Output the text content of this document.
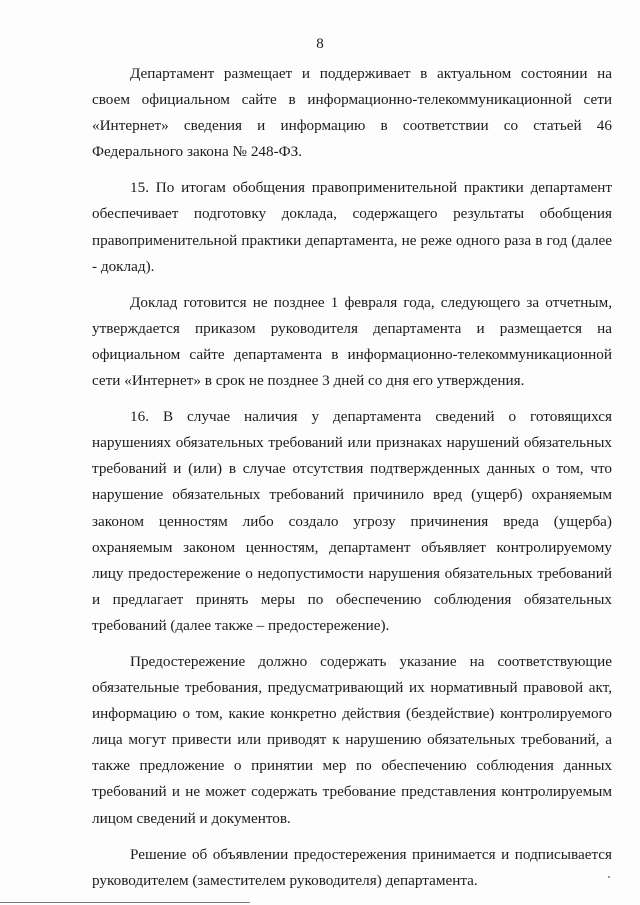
8

Департамент размещает и поддерживает в актуальном состоянии на своем официальном сайте в информационно-телекоммуникационной сети «Интернет» сведения и информацию в соответствии со статьей 46 Федерального закона № 248-ФЗ.

15. По итогам обобщения правоприменительной практики департамент обеспечивает подготовку доклада, содержащего результаты обобщения правоприменительной практики департамента, не реже одного раза в год (далее - доклад).

Доклад готовится не позднее 1 февраля года, следующего за отчетным, утверждается приказом руководителя департамента и размещается на официальном сайте департамента в информационно-телекоммуникационной сети «Интернет» в срок не позднее 3 дней со дня его утверждения.

16. В случае наличия у департамента сведений о готовящихся нарушениях обязательных требований или признаках нарушений обязательных требований и (или) в случае отсутствия подтвержденных данных о том, что нарушение обязательных требований причинило вред (ущерб) охраняемым законом ценностям либо создало угрозу причинения вреда (ущерба) охраняемым законом ценностям, департамент объявляет контролируемому лицу предостережение о недопустимости нарушения обязательных требований и предлагает принять меры по обеспечению соблюдения обязательных требований (далее также – предостережение).

Предостережение должно содержать указание на соответствующие обязательные требования, предусматривающий их нормативный правовой акт, информацию о том, какие конкретно действия (бездействие) контролируемого лица могут привести или приводят к нарушению обязательных требований, а также предложение о принятии мер по обеспечению соблюдения данных требований и не может содержать требование представления контролируемым лицом сведений и документов.

Решение об объявлении предостережения принимается и подписывается руководителем (заместителем руководителя) департамента.
